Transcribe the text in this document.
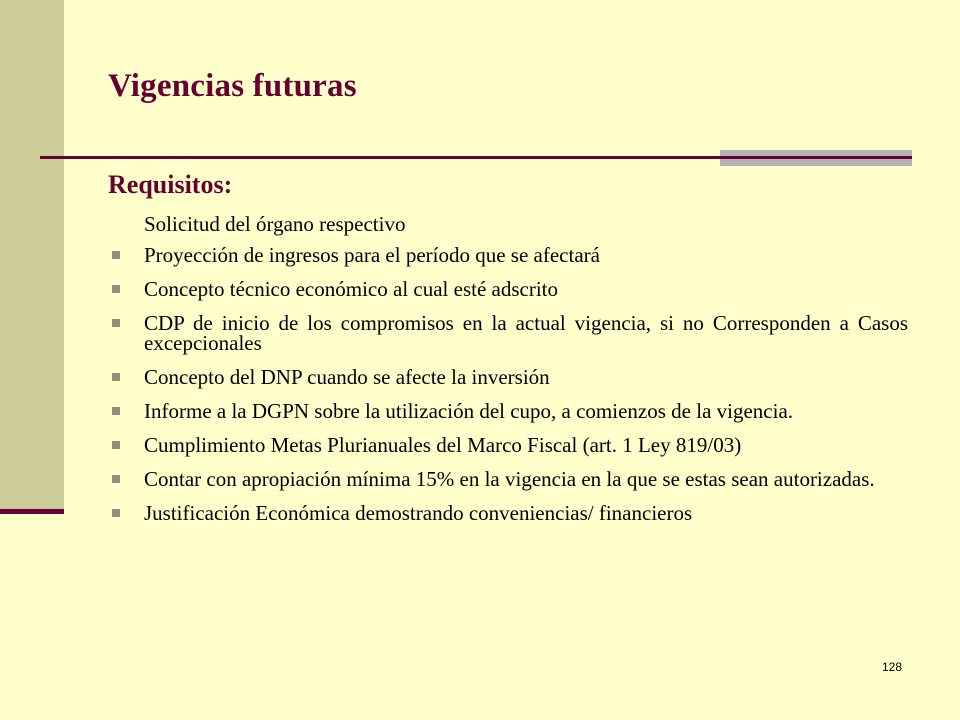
Vigencias futuras
Requisitos:
Solicitud del órgano respectivo
Proyección de ingresos para el período que se afectará
Concepto técnico económico al cual esté adscrito
CDP de inicio de los compromisos en la actual vigencia, si no Corresponden a Casos excepcionales
Concepto del DNP cuando se afecte la inversión
Informe a la DGPN sobre la utilización del cupo, a comienzos de la vigencia.
Cumplimiento Metas Plurianuales del Marco Fiscal (art. 1 Ley 819/03)
Contar con apropiación mínima 15% en la vigencia en la que se estas sean autorizadas.
Justificación Económica demostrando conveniencias/ financieros
128
